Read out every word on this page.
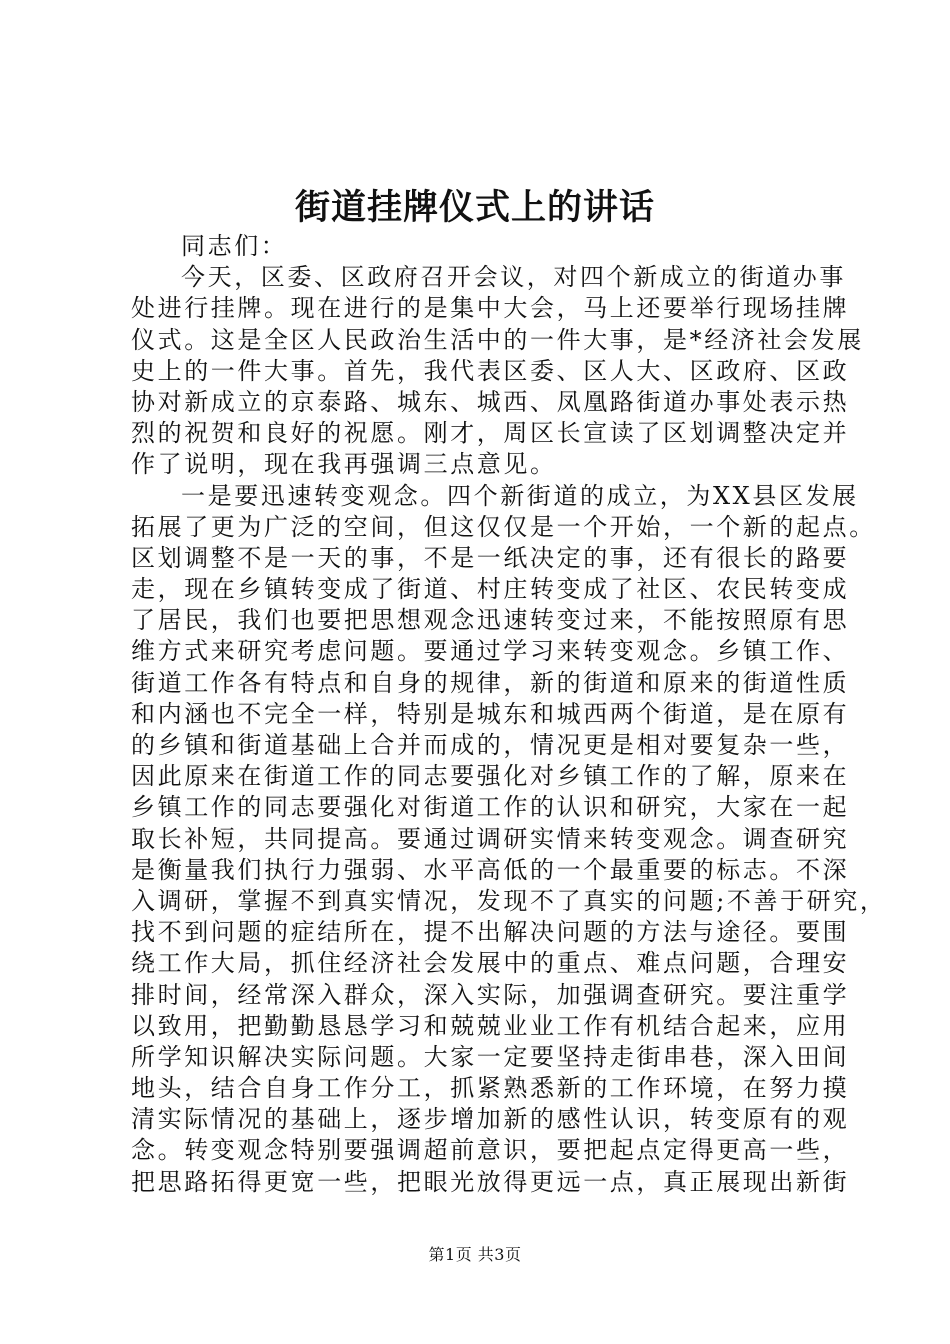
街道挂牌仪式上的讲话
同志们：
今天，区委、区政府召开会议，对四个新成立的街道办事
处进行挂牌。现在进行的是集中大会，马上还要举行现场挂牌
仪式。这是全区人民政治生活中的一件大事，是*经济社会发展
史上的一件大事。首先，我代表区委、区人大、区政府、区政
协对新成立的京泰路、城东、城西、凤凰路街道办事处表示热
烈的祝贺和良好的祝愿。刚才，周区长宣读了区划调整决定并
作了说明，现在我再强调三点意见。
一是要迅速转变观念。四个新街道的成立，为XX县区发展
拓展了更为广泛的空间，但这仅仅是一个开始，一个新的起点。
区划调整不是一天的事，不是一纸决定的事，还有很长的路要
走，现在乡镇转变成了街道、村庄转变成了社区、农民转变成
了居民，我们也要把思想观念迅速转变过来，不能按照原有思
维方式来研究考虑问题。要通过学习来转变观念。乡镇工作、
街道工作各有特点和自身的规律，新的街道和原来的街道性质
和内涵也不完全一样，特别是城东和城西两个街道，是在原有
的乡镇和街道基础上合并而成的，情况更是相对要复杂一些，
因此原来在街道工作的同志要强化对乡镇工作的了解，原来在
乡镇工作的同志要强化对街道工作的认识和研究，大家在一起
取长补短，共同提高。要通过调研实情来转变观念。调查研究
是衡量我们执行力强弱、水平高低的一个最重要的标志。不深
入调研，掌握不到真实情况，发现不了真实的问题;不善于研究，
找不到问题的症结所在，提不出解决问题的方法与途径。要围
绕工作大局，抓住经济社会发展中的重点、难点问题，合理安
排时间，经常深入群众，深入实际，加强调查研究。要注重学
以致用，把勤勤恳恳学习和兢兢业业工作有机结合起来，应用
所学知识解决实际问题。大家一定要坚持走街串巷，深入田间
地头，结合自身工作分工，抓紧熟悉新的工作环境，在努力摸
清实际情况的基础上，逐步增加新的感性认识，转变原有的观
念。转变观念特别要强调超前意识，要把起点定得更高一些，
把思路拓得更宽一些，把眼光放得更远一点，真正展现出新街
第1页 共3页
